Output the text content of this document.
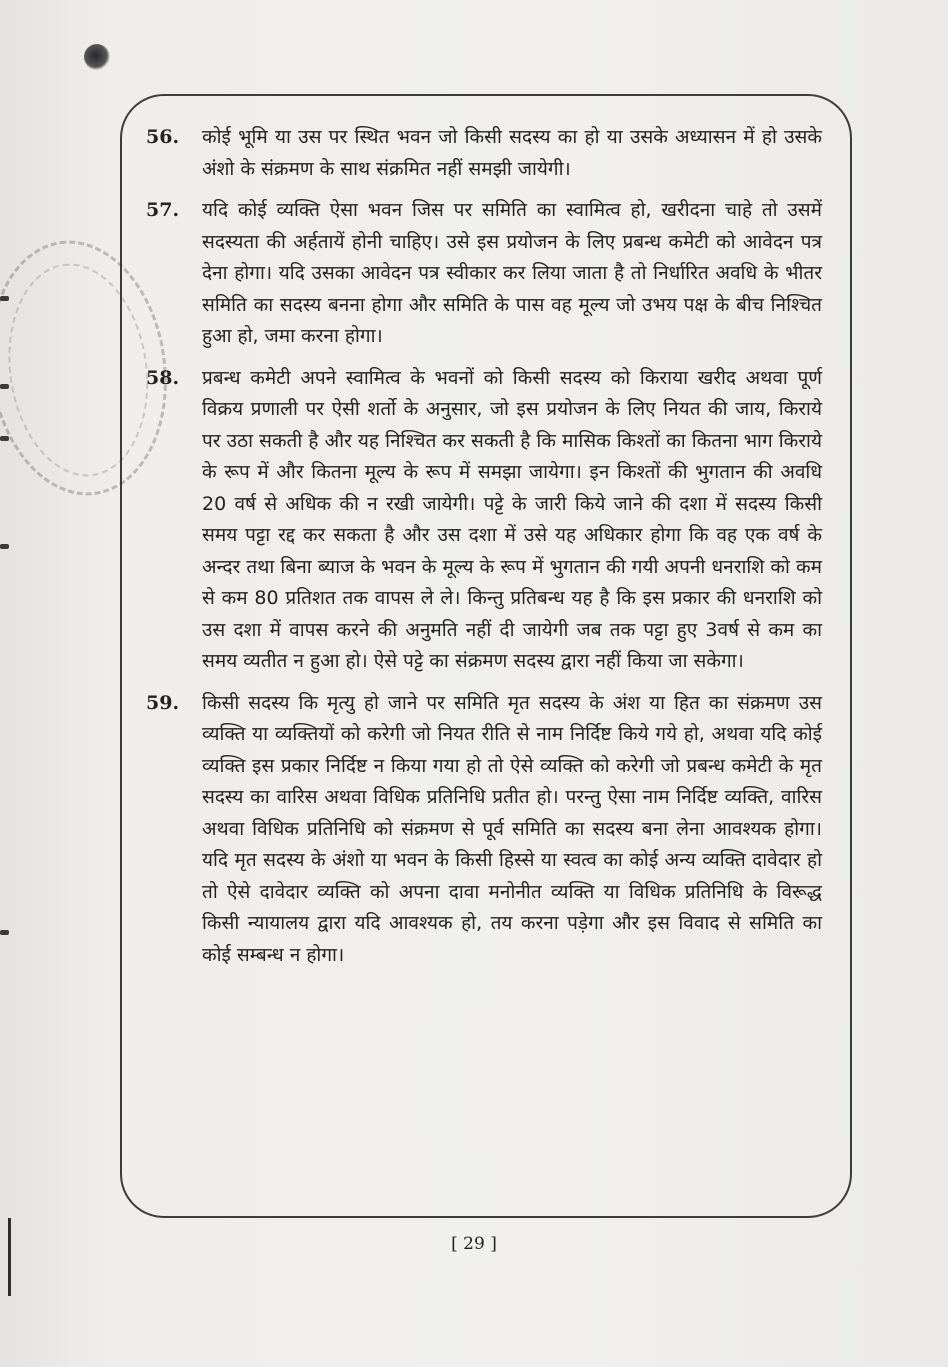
56. कोई भूमि या उस पर स्थित भवन जो किसी सदस्य का हो या उसके अध्यासन में हो उसके अंशो के संक्रमण के साथ संक्रमित नहीं समझी जायेगी।
57. यदि कोई व्यक्ति ऐसा भवन जिस पर समिति का स्वामित्व हो, खरीदना चाहे तो उसमें सदस्यता की अर्हतायें होनी चाहिए। उसे इस प्रयोजन के लिए प्रबन्ध कमेटी को आवेदन पत्र देना होगा। यदि उसका आवेदन पत्र स्वीकार कर लिया जाता है तो निर्धारित अवधि के भीतर समिति का सदस्य बनना होगा और समिति के पास वह मूल्य जो उभय पक्ष के बीच निश्चित हुआ हो, जमा करना होगा।
58. प्रबन्ध कमेटी अपने स्वामित्व के भवनों को किसी सदस्य को किराया खरीद अथवा पूर्ण विक्रय प्रणाली पर ऐसी शर्तो के अनुसार, जो इस प्रयोजन के लिए नियत की जाय, किराये पर उठा सकती है और यह निश्चित कर सकती है कि मासिक किश्तों का कितना भाग किराये के रूप में और कितना मूल्य के रूप में समझा जायेगा। इन किश्तों की भुगतान की अवधि 20 वर्ष से अधिक की न रखी जायेगी। पट्टे के जारी किये जाने की दशा में सदस्य किसी समय पट्टा रद्द कर सकता है और उस दशा में उसे यह अधिकार होगा कि वह एक वर्ष के अन्दर तथा बिना ब्याज के भवन के मूल्य के रूप में भुगतान की गयी अपनी धनराशि को कम से कम 80 प्रतिशत तक वापस ले ले। किन्तु प्रतिबन्ध यह है कि इस प्रकार की धनराशि को उस दशा में वापस करने की अनुमति नहीं दी जायेगी जब तक पट्टा हुए 3वर्ष से कम का समय व्यतीत न हुआ हो। ऐसे पट्टे का संक्रमण सदस्य द्वारा नहीं किया जा सकेगा।
59. किसी सदस्य कि मृत्यु हो जाने पर समिति मृत सदस्य के अंश या हित का संक्रमण उस व्यक्ति या व्यक्तियों को करेगी जो नियत रीति से नाम निर्दिष्ट किये गये हो, अथवा यदि कोई व्यक्ति इस प्रकार निर्दिष्ट न किया गया हो तो ऐसे व्यक्ति को करेगी जो प्रबन्ध कमेटी के मृत सदस्य का वारिस अथवा विधिक प्रतिनिधि प्रतीत हो। परन्तु ऐसा नाम निर्दिष्ट व्यक्ति, वारिस अथवा विधिक प्रतिनिधि को संक्रमण से पूर्व समिति का सदस्य बना लेना आवश्यक होगा। यदि मृत सदस्य के अंशो या भवन के किसी हिस्से या स्वत्व का कोई अन्य व्यक्ति दावेदार हो तो ऐसे दावेदार व्यक्ति को अपना दावा मनोनीत व्यक्ति या विधिक प्रतिनिधि के विरूद्ध किसी न्यायालय द्वारा यदि आवश्यक हो, तय करना पड़ेगा और इस विवाद से समिति का कोई सम्बन्ध न होगा।
[ 29 ]
